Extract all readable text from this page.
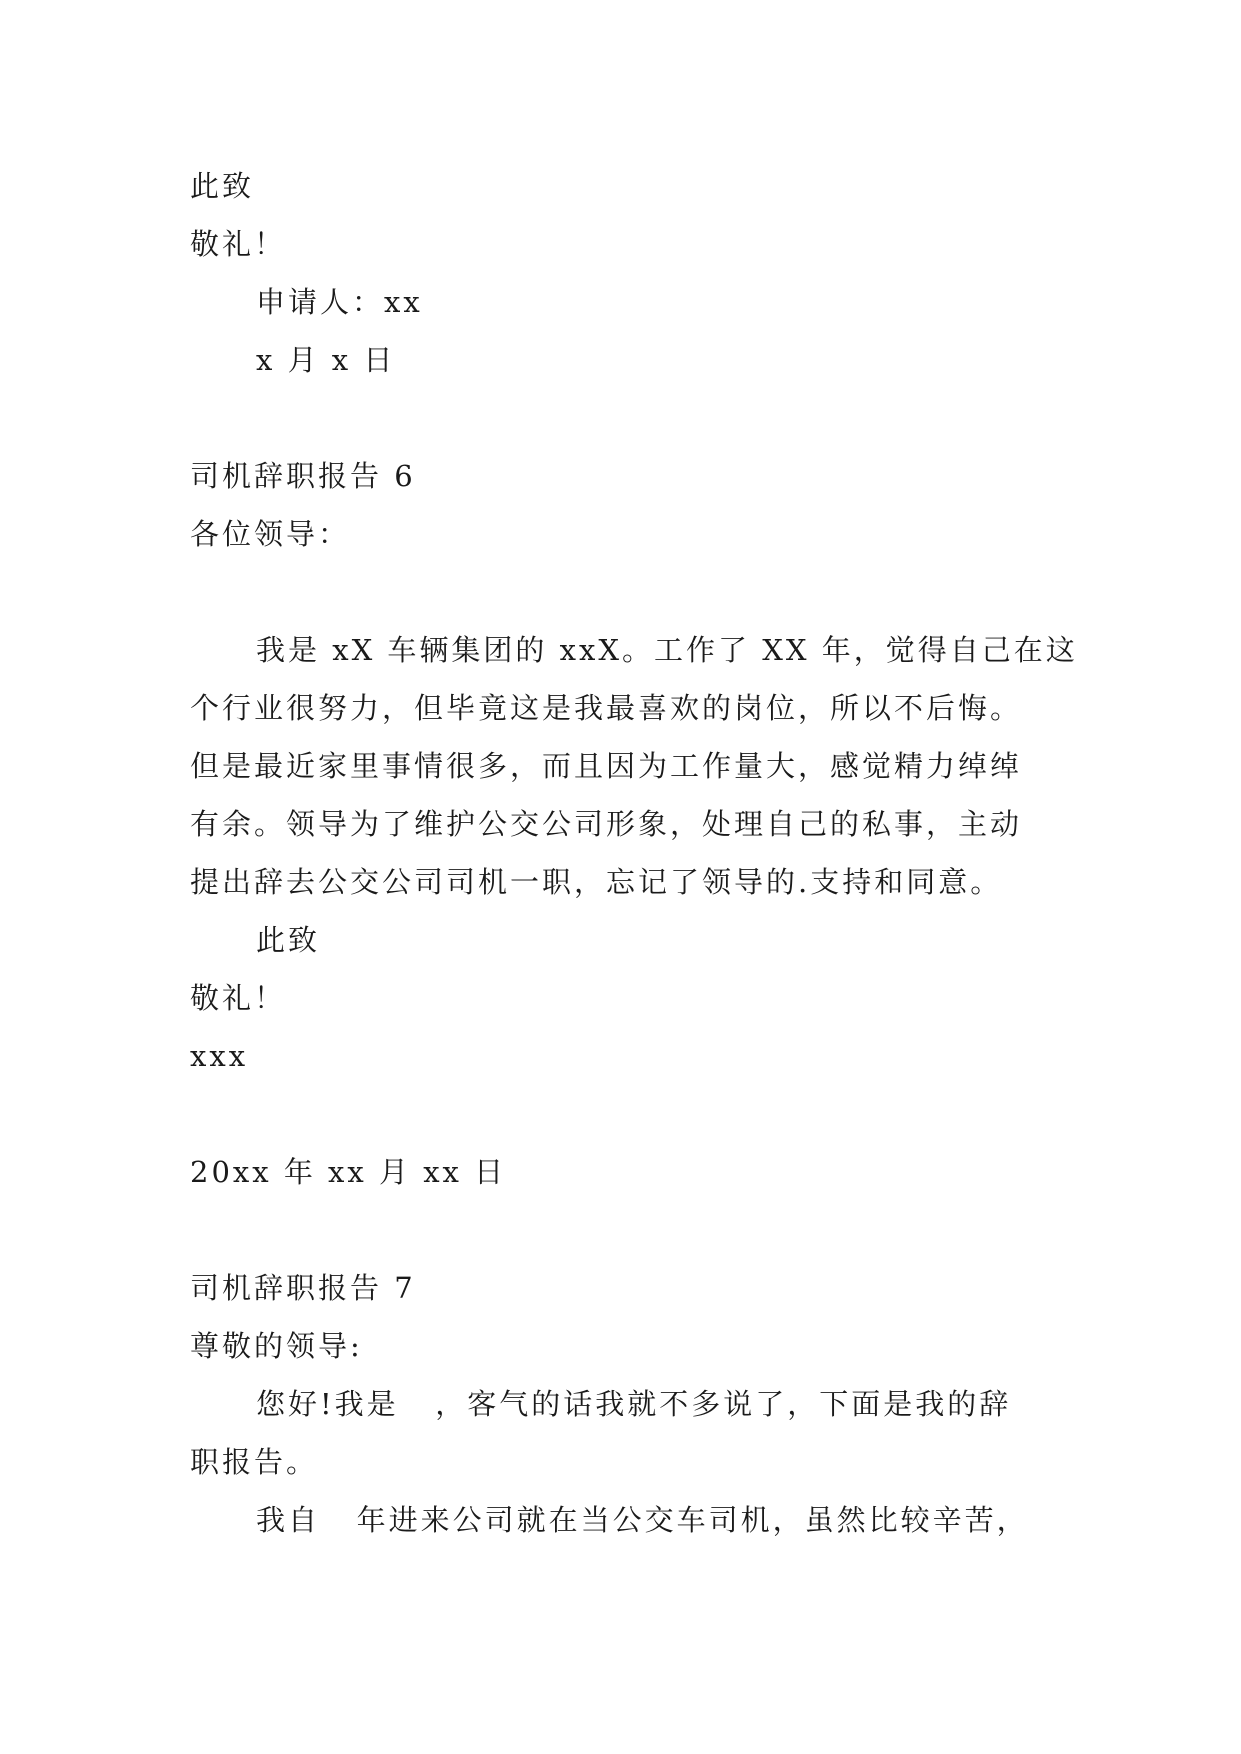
此致
敬礼！
申请人：xx
x 月 x 日
司机辞职报告 6
各位领导：
我是 xX 车辆集团的 xxX。工作了 XX 年，觉得自己在这
个行业很努力，但毕竟这是我最喜欢的岗位，所以不后悔。
但是最近家里事情很多，而且因为工作量大，感觉精力绰绰
有余。领导为了维护公交公司形象，处理自己的私事，主动
提出辞去公交公司司机一职，忘记了领导的.支持和同意。
此致
敬礼！
xxx
20xx 年 xx 月 xx 日
司机辞职报告 7
尊敬的领导:
您好!我是   ，客气的话我就不多说了，下面是我的辞
职报告。
我自   年进来公司就在当公交车司机，虽然比较辛苦，
